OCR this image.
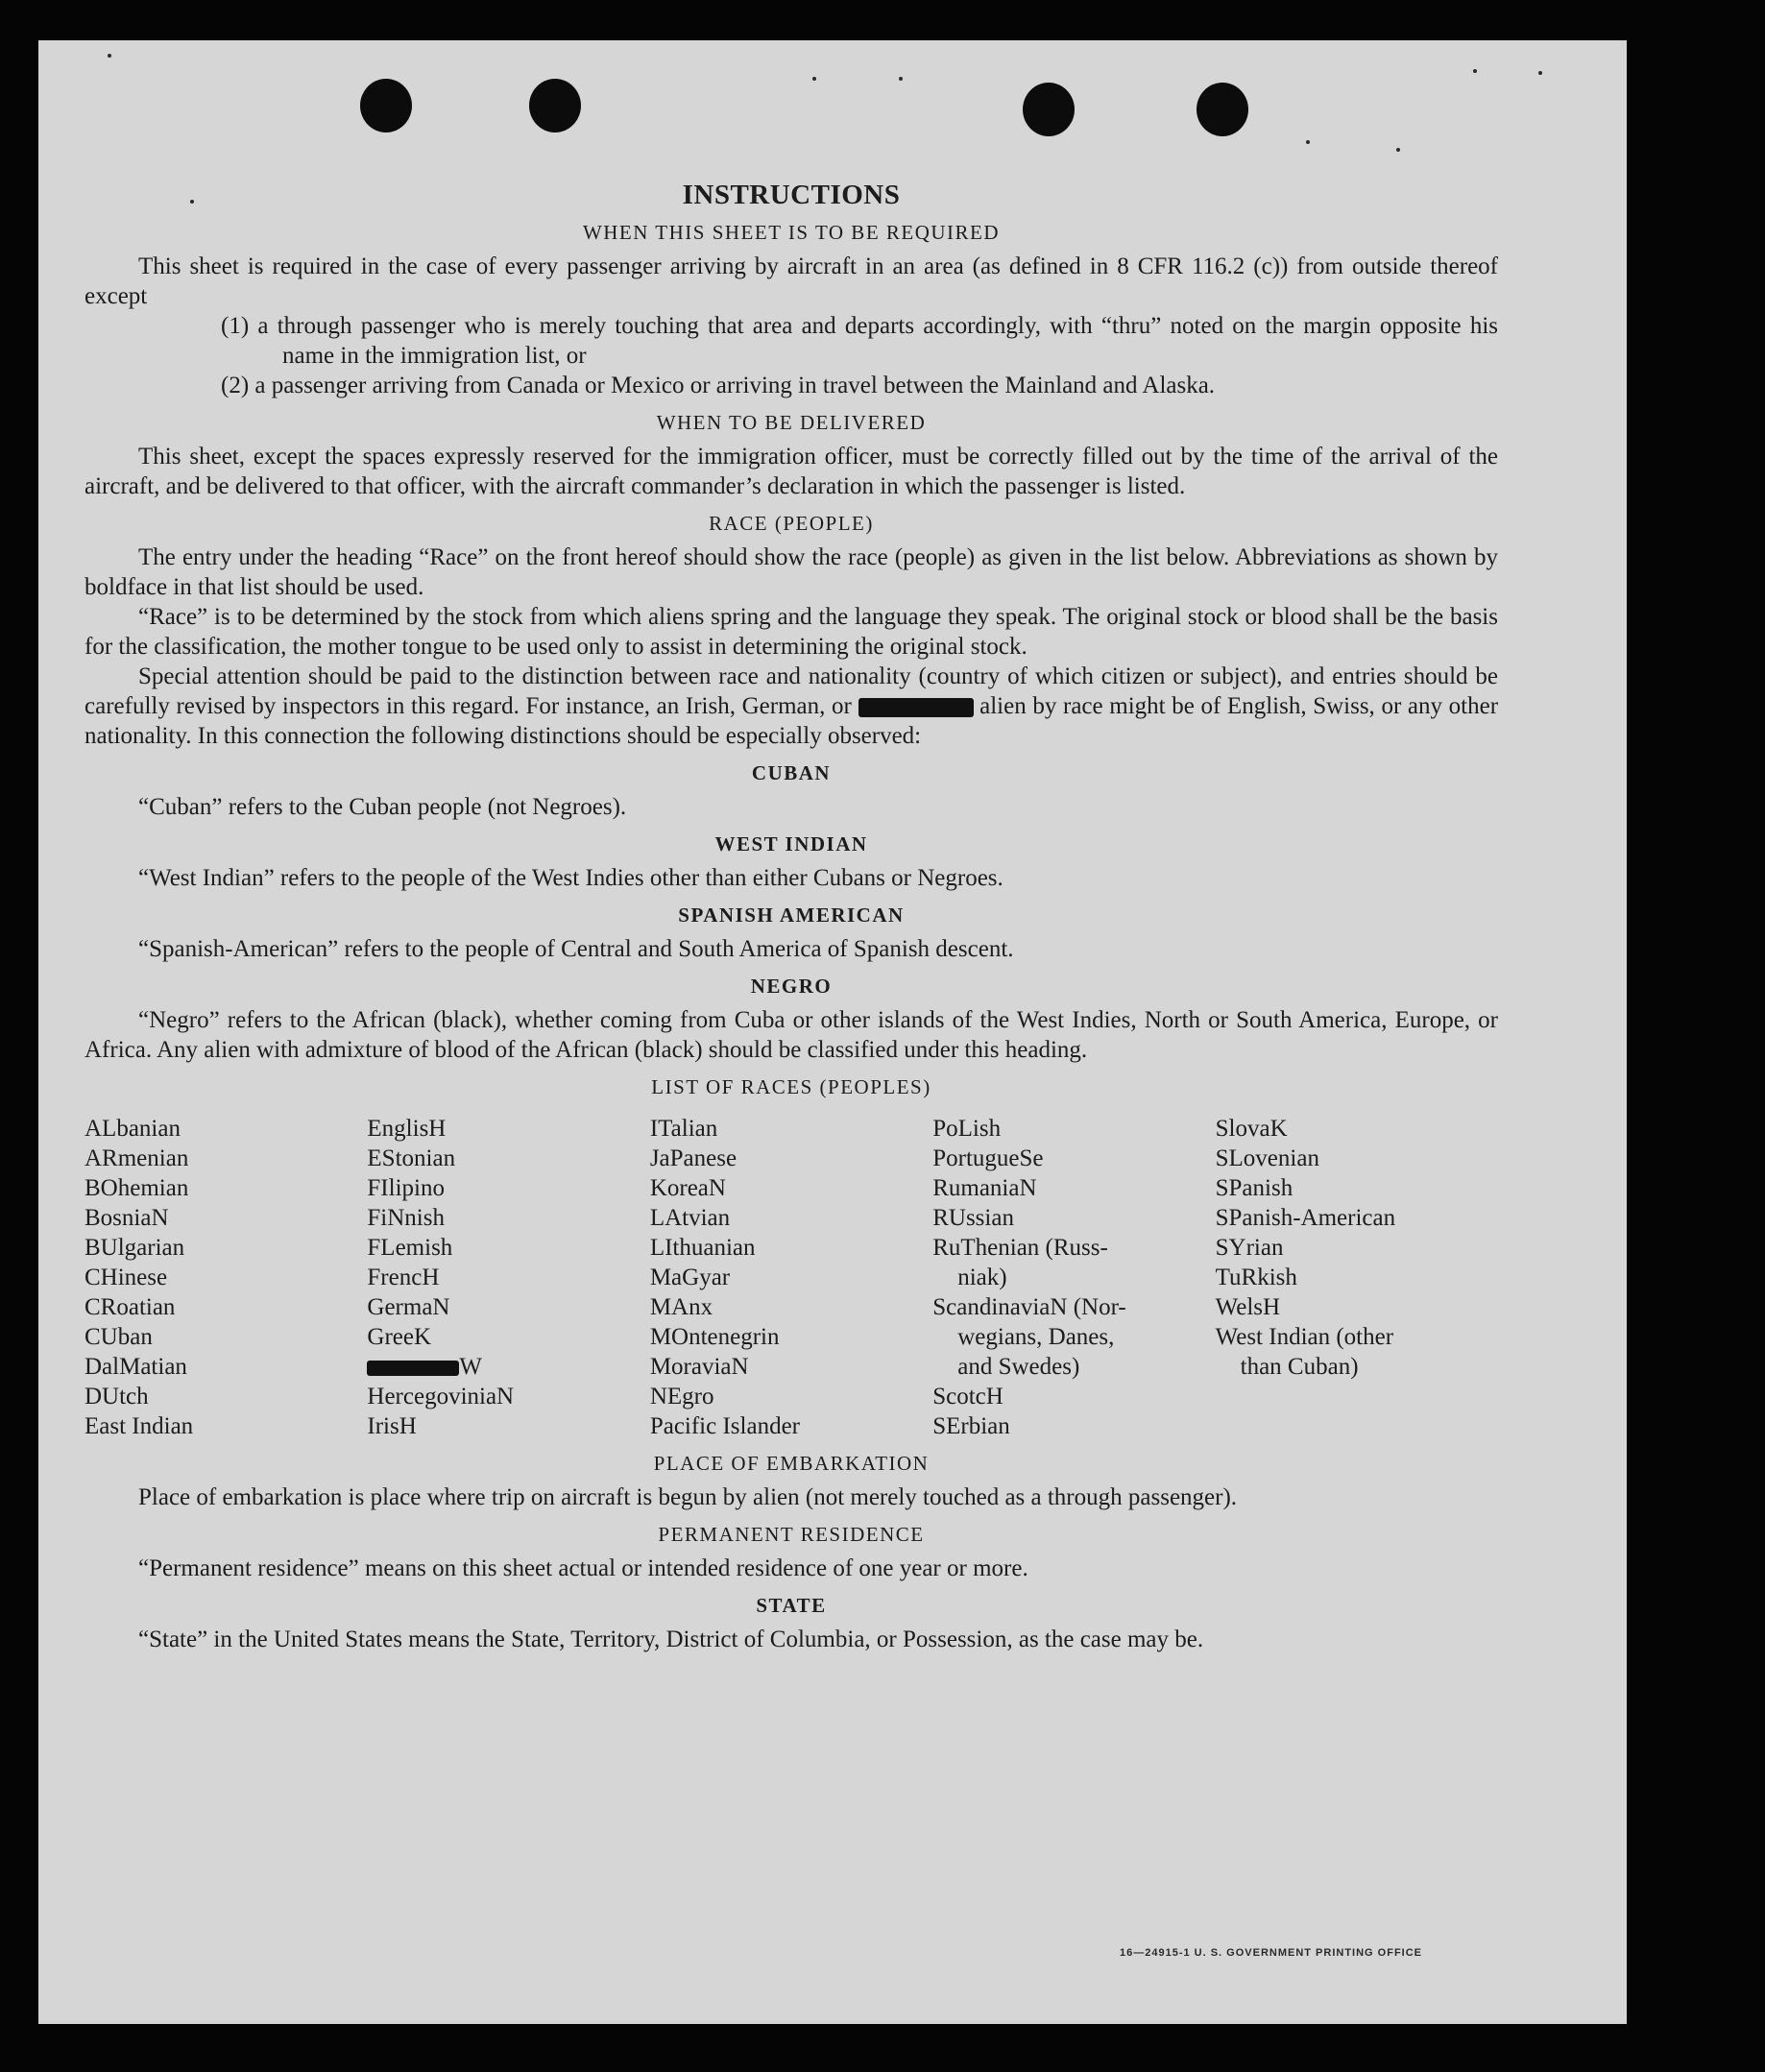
INSTRUCTIONS
WHEN THIS SHEET IS TO BE REQUIRED

This sheet is required in the case of every passenger arriving by aircraft in an area (as defined in 8 CFR 116.2 (c)) from outside thereof except

(1) a through passenger who is merely touching that area and departs accordingly, with “thru” noted on the margin opposite his name in the immigration list, or
(2) a passenger arriving from Canada or Mexico or arriving in travel between the Mainland and Alaska.
WHEN TO BE DELIVERED

This sheet, except the spaces expressly reserved for the immigration officer, must be correctly filled out by the time of the arrival of the aircraft, and be delivered to that officer, with the aircraft commander’s declaration in which the passenger is listed.

RACE (PEOPLE)

The entry under the heading “Race” on the front hereof should show the race (people) as given in the list below. Abbreviations as shown by boldface in that list should be used.

“Race” is to be determined by the stock from which aliens spring and the language they speak. The original stock or blood shall be the basis for the classification, the mother tongue to be used only to assist in determining the original stock.

Special attention should be paid to the distinction between race and nationality (country of which citizen or subject), and entries should be carefully revised by inspectors in this regard. For instance, an Irish, German, or	alien by race might be of English, Swiss, or any other nationality. In this connection the following distinctions should be especially observed:

CUBAN

“Cuban” refers to the Cuban people (not Negroes).

WEST INDIAN

“West Indian” refers to the people of the West Indies other than either Cubans or Negroes.

SPANISH AMERICAN

“Spanish-American” refers to the people of Central and South America of Spanish descent.

NEGRO

“Negro” refers to the African (black), whether coming from Cuba or other islands of the West Indies, North or South America, Europe, or Africa. Any alien with admixture of blood of the African (black) should be classified under this heading.

LIST OF RACES (PEOPLES)
ALbanian
ARmenian
BOhemian
BosniaN
BUlgarian
CHinese
CRoatian
CUban
DalMatian
DUtch
East Indian
EnglisH
EStonian
FIlipino
FiNnish
FLemish
FrencH
GermaN
GreeK
W
HercegoviniaN
IrisH
ITalian
JaPanese
KoreaN
LAtvian
LIthuanian
MaGyar
MAnx
MOntenegrin
MoraviaN
NEgro
Pacific Islander
PoLish
PortugueSe
RumaniaN
RUssian
RuThenian (Russ-
niak)
ScandinaviaN (Nor-
wegians, Danes,
and Swedes)
ScotcH
SErbian
SlovaK
SLovenian
SPanish
SPanish-American
SYrian
TuRkish
WelsH
West Indian (other
than Cuban)
PLACE OF EMBARKATION

Place of embarkation is place where trip on aircraft is begun by alien (not merely touched as a through passenger).

PERMANENT RESIDENCE

“Permanent residence” means on this sheet actual or intended residence of one year or more.

STATE

“State” in the United States means the State, Territory, District of Columbia, or Possession, as the case may be.

16—24915-1 U. S. GOVERNMENT PRINTING OFFICE
